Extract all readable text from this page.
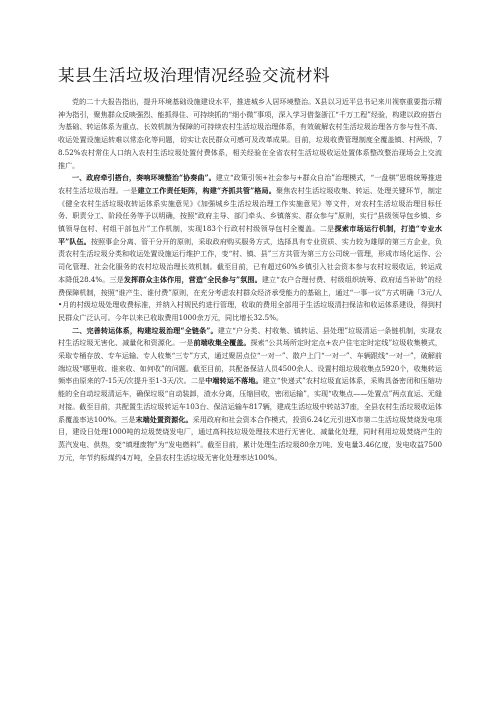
某县生活垃圾治理情况经验交流材料

党的二十大报告指出，提升环境基础设施建设水平，推进城乡人居环境整治。X县以习近平总书记来川视察重要指示精神为指引，聚焦群众反映强烈、能抓得住、可持续抓的“细小微”事项，深入学习借鉴浙江“千万工程”经验，构建以政府搭台为基础、转运体系为重点、长效机制为保障的可持续农村生活垃圾治理体系，有效破解农村生活垃圾治理各方参与性不高、收运处置设施运转难以常态化等问题，切实让农民群众可感可及改革成果。目前，垃圾收费管理制度全覆盖镇、村两级，78.52%农村常住人口纳入农村生活垃圾处置付费体系，相关经验在全省农村生活垃圾收运处置体系整改整治现场会上交流推广。

一、政府牵引搭台，奏响环境整治“协奏曲”。建立“政策引领+社会参与+群众自治”治理模式，“一盘棋”思维统筹推进农村生活垃圾治理。一是建立工作责任矩阵，构建“齐抓共管”格局。聚焦农村生活垃圾收集、转运、处理关键环节，制定《健全农村生活垃圾收转运体系实施意见》《加强城乡生活垃圾治理工作实施意见》等文件，对农村生活垃圾治理目标任务、职责分工、阶段任务等予以明确，按照“政府主导、部门牵头、乡镇落实、群众参与”原则，实行“县级领导包乡镇、乡镇领导包村、村组干部包片”工作机制，实现183个行政村村级领导包村全覆盖。二是探索市场运行机制，打造“专业水平”队伍。按照事企分离、管干分开的原则，采取政府购买服务方式，选择具有专业资质、实力较为雄厚的第三方企业，负责农村生活垃圾分类和收运处置设施运行维护工作，变“村、镇、县”三方共管为第三方公司统一管理，形成市场化运作、公司化管理、社会化服务的农村垃圾治理长效机制。截至目前，已有超过60%乡镇引入社会资本参与农村垃圾收运，转运成本降低28.4%。三是发挥群众主体作用，营造“全民参与”氛围。建立“农户合理付费、村级组织统筹、政府适当补助”的经费保障机制，按照“谁产生、谁付费”原则，在充分考虑农村群众经济承受能力的基础上，通过“一事一议”方式明确「3元/人•月的村级垃圾处理收费标准，并纳入村规民约进行管理，收取的费用全部用于生活垃圾清扫保洁和收运体系建设，得到村民群众广泛认可。今年以来已收取费用1000余万元，同比增长32.5%。

二、完善转运体系，构建垃圾治理“全链条”。建立“户分类、村收集、镇转运、县处理”垃圾清运一条链机制，实现农村生活垃圾无害化、减量化和资源化。一是前端收集全覆盖。探索“公共场所定时定点+农户住宅定时定线”垃圾收集模式，采取专桶存放、专车运输、专人收集“三专”方式，通过聚居点位“一对一”、散户上门“一对一”、车辆跟线“一对一”，破解前端垃圾“哪里收、谁来收、如何收”的问题。截至目前，共配备保洁人员4500余人、设置村组垃圾收集点5920个，收集转运频率由原来的7-15天/次提升至1-3天/次。二是中端转运不落地。建立“快递式”农村垃圾直运体系，采购具备密闭和压缩功能的全自动垃圾清运车，确保垃圾“自动装卸，渣水分离，压缩回收，密闭运输”，实现“收集点——处置点”两点直运、无缝对接。截至目前，共配置生活垃圾转运车103台、保洁运输车817辆，建成生活垃圾中转站37座，全县农村生活垃圾收运体系覆盖率达100%。三是末端处置资源化。采用政府和社会资本合作模式，投资6.24亿元引进X市第二生活垃圾焚烧发电项目，建设日处理1000吨的垃圾焚烧发电厂，通过高科技垃圾处理技术进行无害化、减量化处理，同时利用垃圾焚烧产生的蒸汽发电、供热，变“填埋废物”为“发电燃料”。截至目前，累计处理生活垃圾80余万吨、发电量3.46亿度，发电收益7500万元，年节约标煤约4万吨，全县农村生活垃圾无害化处理率达100%。
